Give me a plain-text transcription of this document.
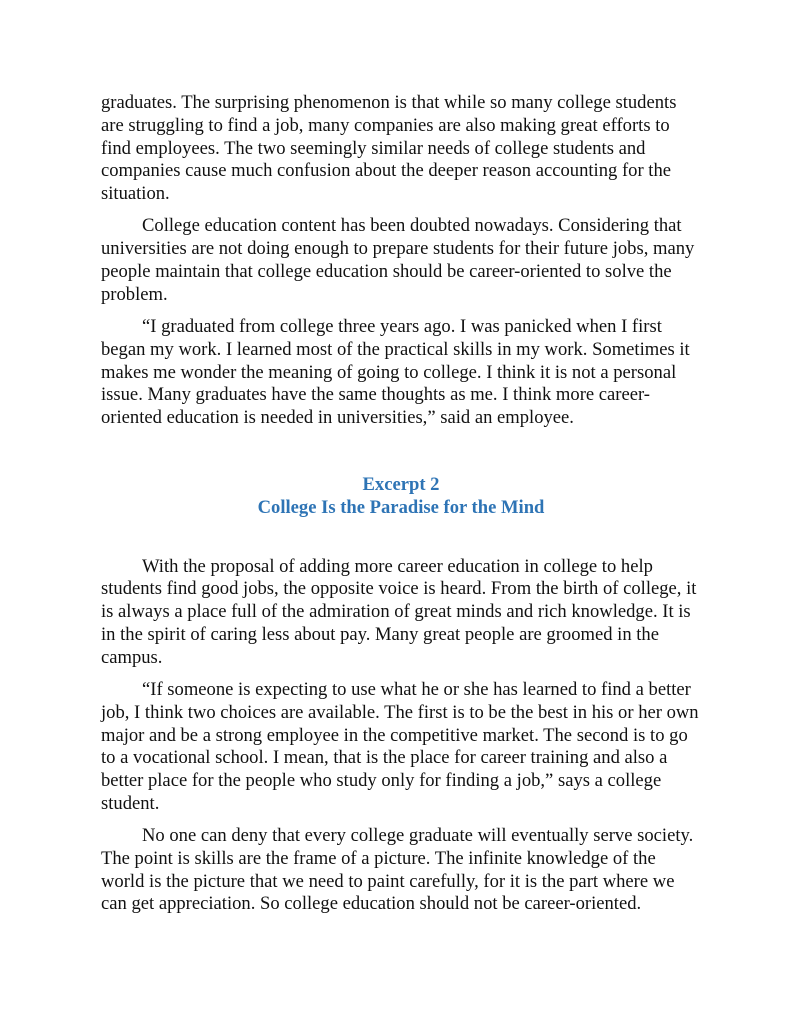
graduates. The surprising phenomenon is that while so many college students are struggling to find a job, many companies are also making great efforts to find employees. The two seemingly similar needs of college students and companies cause much confusion about the deeper reason accounting for the situation.

College education content has been doubted nowadays. Considering that universities are not doing enough to prepare students for their future jobs, many people maintain that college education should be career-oriented to solve the problem.

“I graduated from college three years ago. I was panicked when I first began my work. I learned most of the practical skills in my work. Sometimes it makes me wonder the meaning of going to college. I think it is not a personal issue. Many graduates have the same thoughts as me. I think more career-oriented education is needed in universities,” said an employee.

Excerpt 2
College Is the Paradise for the Mind

With the proposal of adding more career education in college to help students find good jobs, the opposite voice is heard. From the birth of college, it is always a place full of the admiration of great minds and rich knowledge. It is in the spirit of caring less about pay. Many great people are groomed in the campus.

“If someone is expecting to use what he or she has learned to find a better job, I think two choices are available. The first is to be the best in his or her own major and be a strong employee in the competitive market. The second is to go to a vocational school. I mean, that is the place for career training and also a better place for the people who study only for finding a job,” says a college student.

No one can deny that every college graduate will eventually serve society. The point is skills are the frame of a picture. The infinite knowledge of the world is the picture that we need to paint carefully, for it is the part where we can get appreciation. So college education should not be career-oriented.
